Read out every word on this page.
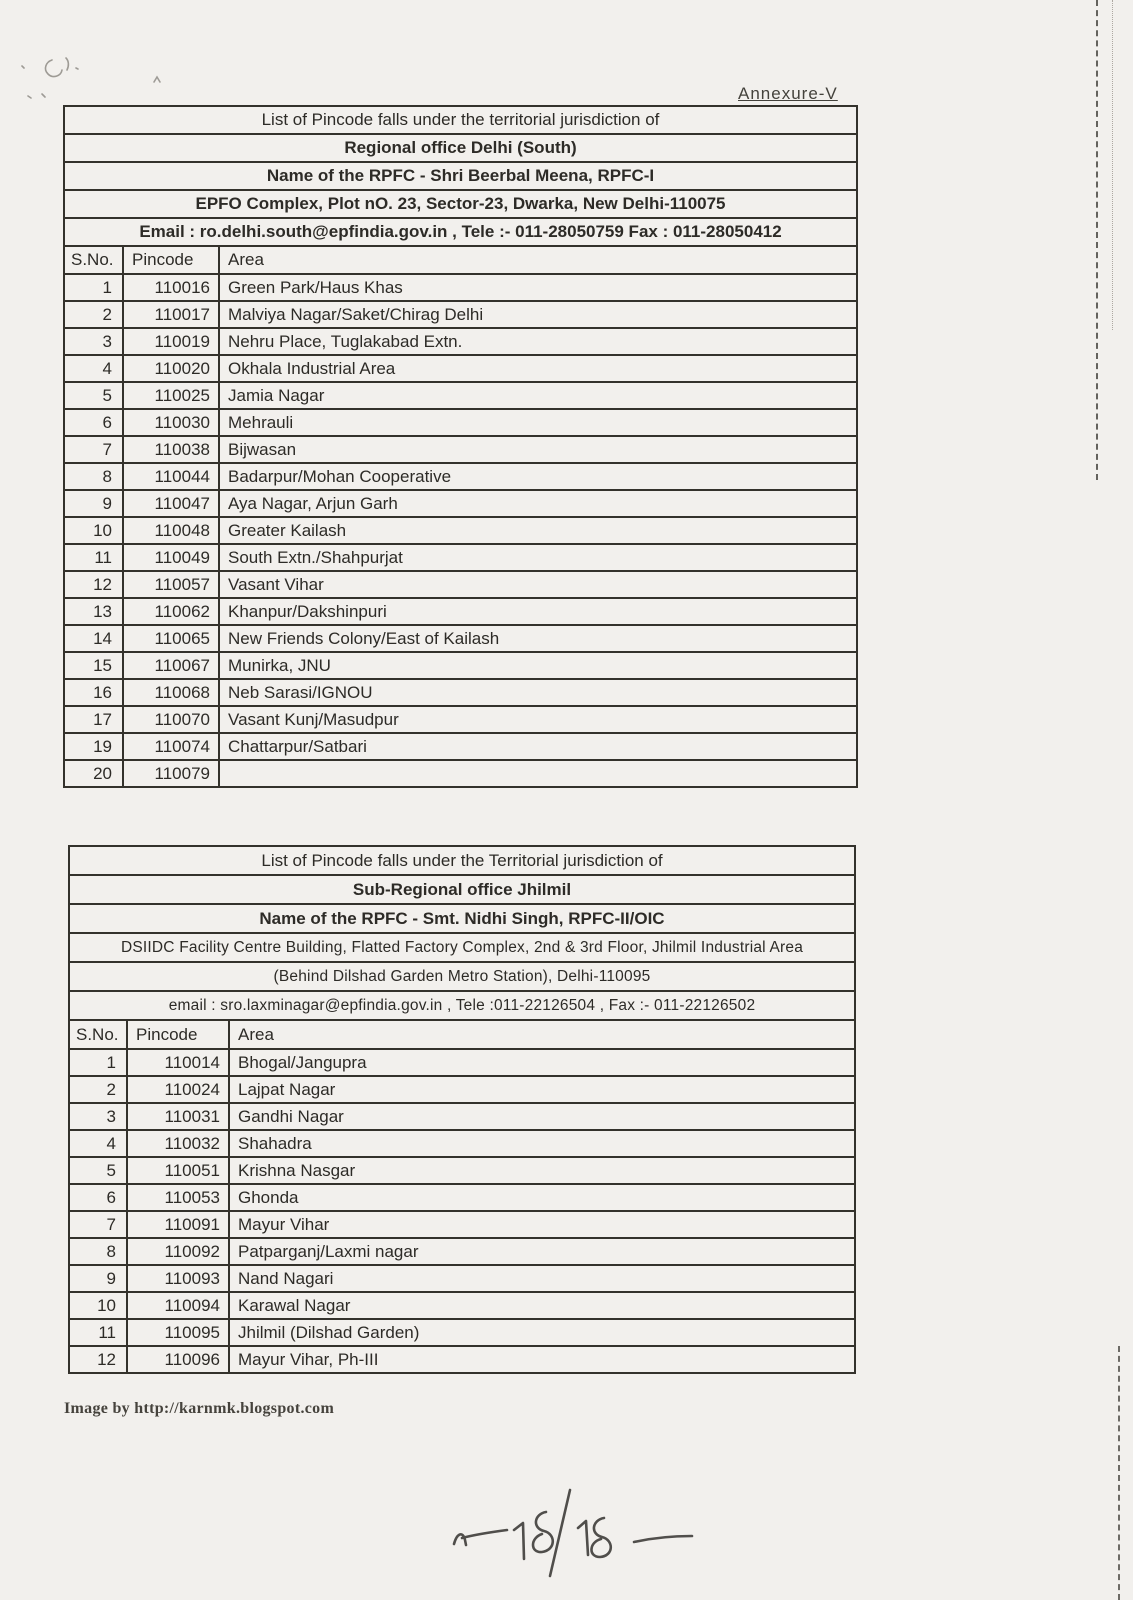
Annexure-V
List of Pincode falls under the territorial jurisdiction of		
Regional office Delhi (South)		
Name of the RPFC - Shri Beerbal Meena, RPFC-I		
EPFO Complex, Plot nO. 23, Sector-23, Dwarka, New Delhi-110075		
Email : ro.delhi.south@epfindia.gov.in , Tele :- 011-28050759 Fax : 011-28050412		
S.No.	Pincode	Area
1	110016	Green Park/Haus Khas
2	110017	Malviya Nagar/Saket/Chirag Delhi
3	110019	Nehru Place, Tuglakabad Extn.
4	110020	Okhala Industrial Area
5	110025	Jamia Nagar
6	110030	Mehrauli
7	110038	Bijwasan
8	110044	Badarpur/Mohan Cooperative
9	110047	Aya Nagar, Arjun Garh
10	110048	Greater Kailash
11	110049	South Extn./Shahpurjat
12	110057	Vasant Vihar
13	110062	Khanpur/Dakshinpuri
14	110065	New Friends Colony/East of Kailash
15	110067	Munirka, JNU
16	110068	Neb Sarasi/IGNOU
17	110070	Vasant Kunj/Masudpur
19	110074	Chattarpur/Satbari
20	110079	
List of Pincode falls under the Territorial jurisdiction of		
Sub-Regional office Jhilmil		
Name of the RPFC - Smt. Nidhi Singh, RPFC-II/OIC		
DSIIDC Facility Centre Building, Flatted Factory Complex, 2nd & 3rd Floor, Jhilmil Industrial Area		
(Behind Dilshad Garden Metro Station), Delhi-110095		
email : sro.laxminagar@epfindia.gov.in , Tele :011-22126504 , Fax :- 011-22126502		
S.No.	Pincode	Area
1	110014	Bhogal/Jangupra
2	110024	Lajpat Nagar
3	110031	Gandhi Nagar
4	110032	Shahadra
5	110051	Krishna Nasgar
6	110053	Ghonda
7	110091	Mayur Vihar
8	110092	Patparganj/Laxmi nagar
9	110093	Nand Nagari
10	110094	Karawal Nagar
11	110095	Jhilmil (Dilshad Garden)
12	110096	Mayur Vihar, Ph-III
Image by http://karnmk.blogspot.com
